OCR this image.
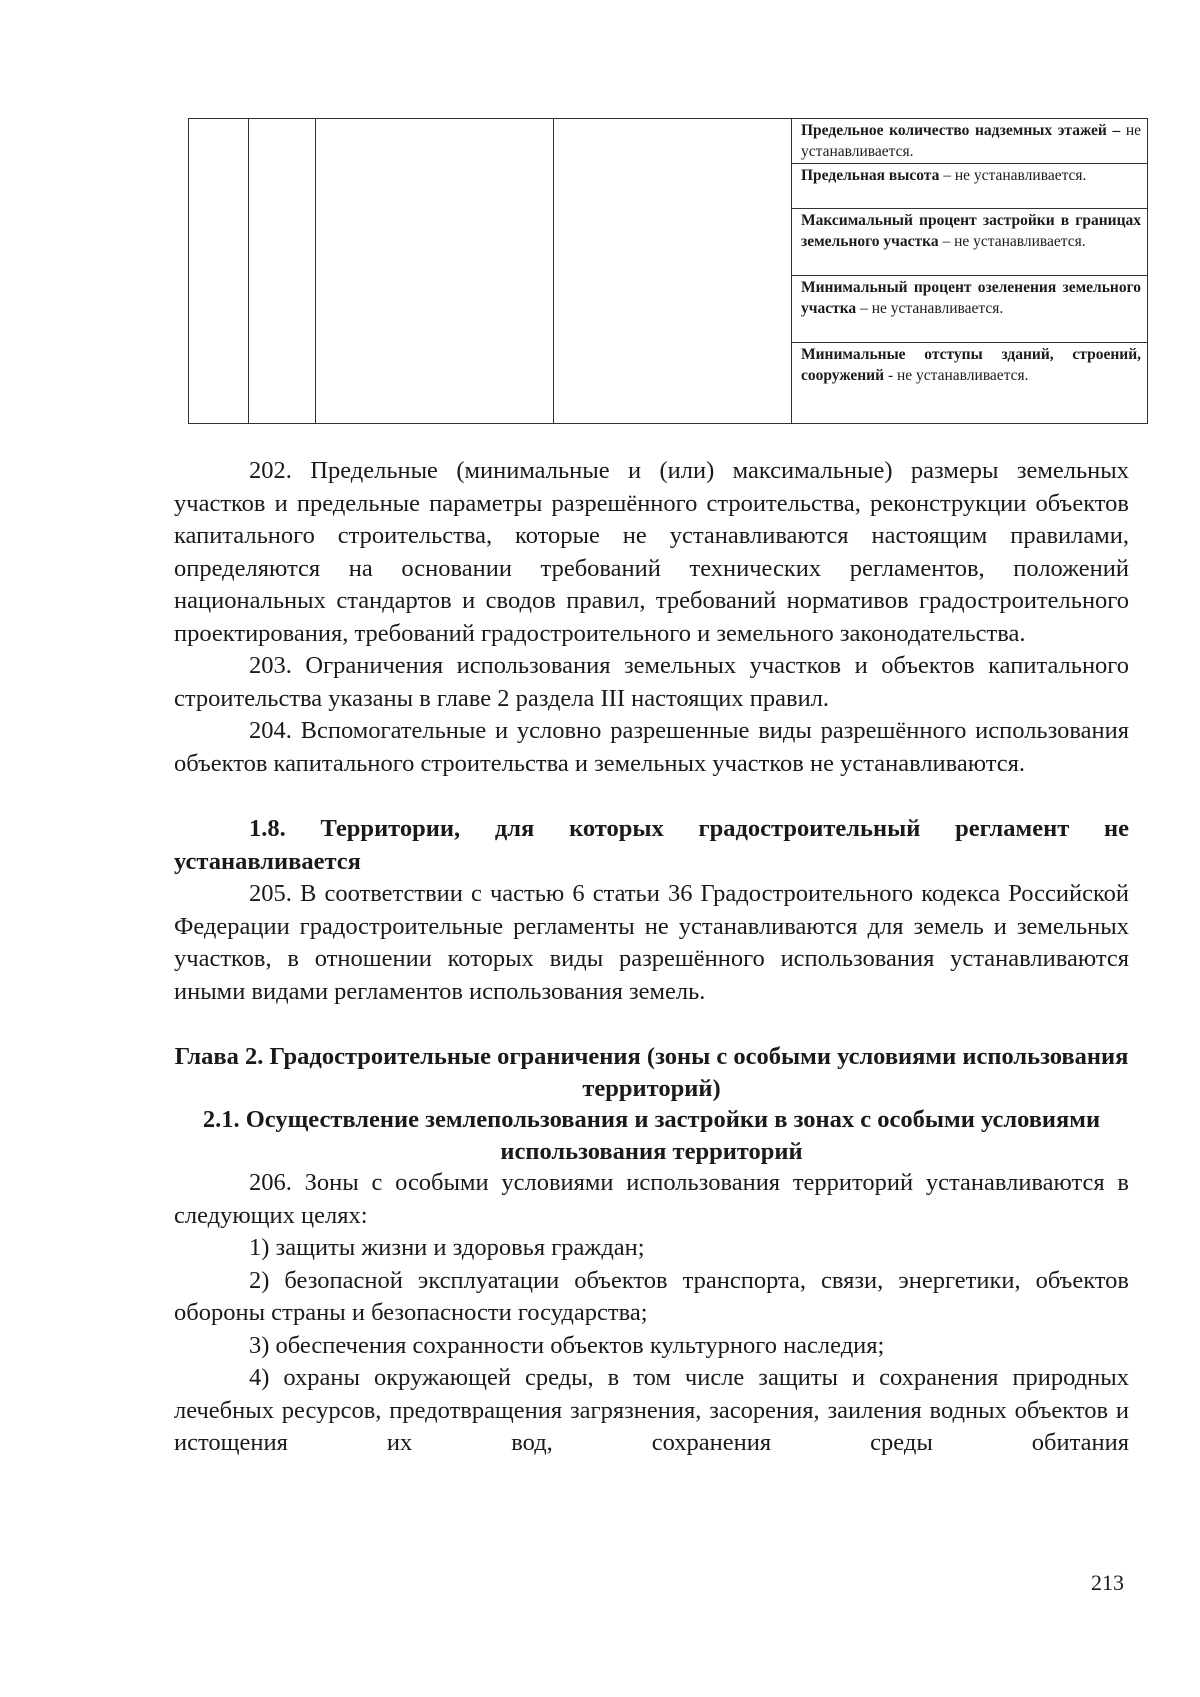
Предельное количество надземных этажей – не устанавливается.
Предельная высота – не устанавливается.
Максимальный процент застройки в границах земельного участка – не устанавливается.
Минимальный процент озеленения земельного участка – не устанавливается.
Минимальные отступы зданий, строений, сооружений - не устанавливается.

202. Предельные (минимальные и (или) максимальные) размеры земельных участков и предельные параметры разрешённого строительства, реконструкции объектов капитального строительства, которые не устанавливаются настоящим правилами, определяются на основании требований технических регламентов, положений национальных стандартов и сводов правил, требований нормативов градостроительного проектирования, требований градостроительного и земельного законодательства.

203. Ограничения использования земельных участков и объектов капитального строительства указаны в главе 2 раздела III настоящих правил.

204. Вспомогательные и условно разрешенные виды разрешённого использования объектов капитального строительства и земельных участков не устанавливаются.

1.8. Территории, для которых градостроительный регламент не устанавливается

205. В соответствии с частью 6 статьи 36 Градостроительного кодекса Российской Федерации градостроительные регламенты не устанавливаются для земель и земельных участков, в отношении которых виды разрешённого использования устанавливаются иными видами регламентов использования земель.

Глава 2. Градостроительные ограничения (зоны с особыми условиями использования территорий)

2.1. Осуществление землепользования и застройки в зонах с особыми условиями использования территорий

206. Зоны с особыми условиями использования территорий устанавливаются в следующих целях:

1) защиты жизни и здоровья граждан;

2) безопасной эксплуатации объектов транспорта, связи, энергетики, объектов обороны страны и безопасности государства;

3) обеспечения сохранности объектов культурного наследия;

4) охраны окружающей среды, в том числе защиты и сохранения природных лечебных ресурсов, предотвращения загрязнения, засорения, заиления водных объектов и истощения их вод, сохранения среды обитания

213
